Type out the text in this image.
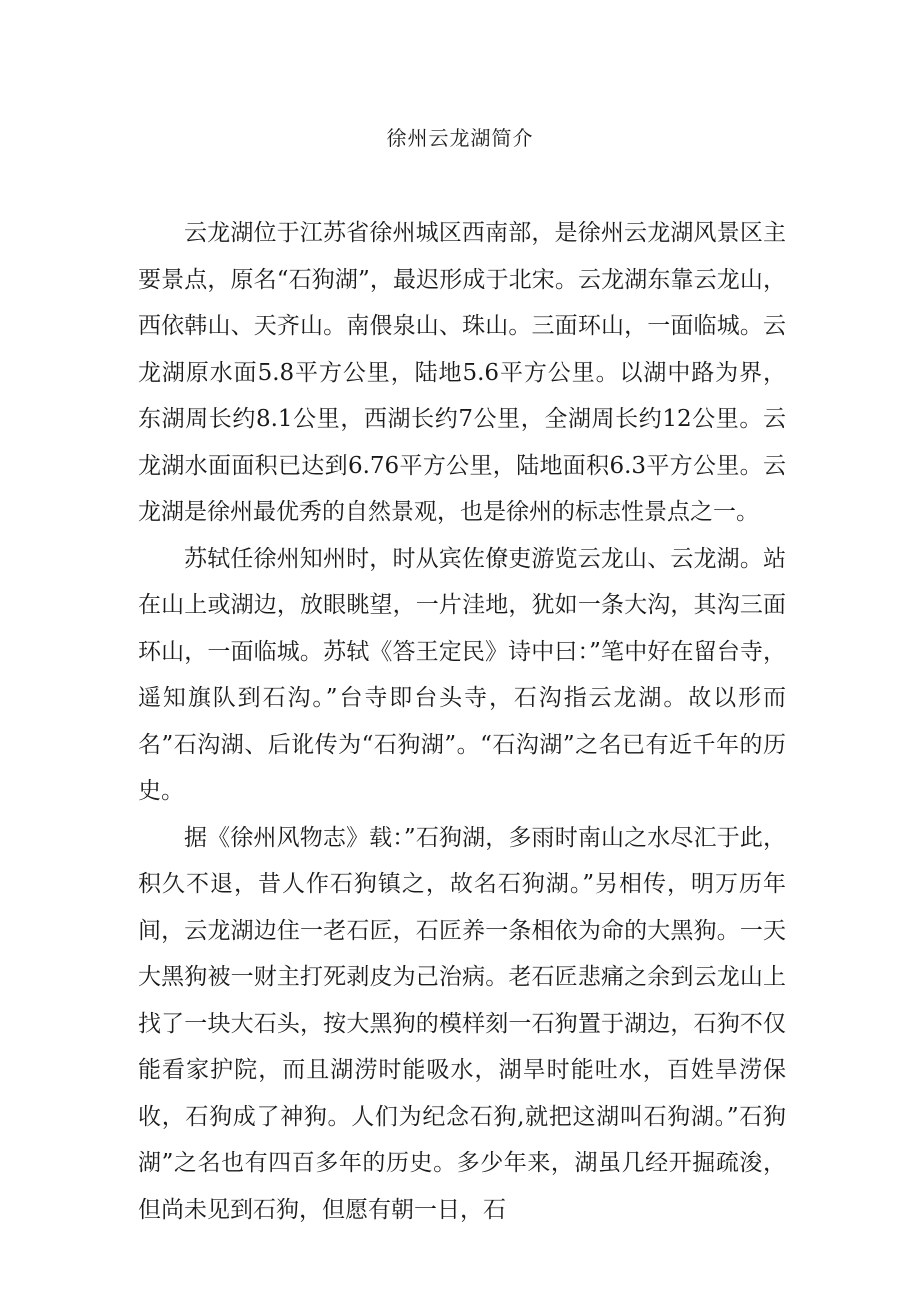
徐州云龙湖简介

云龙湖位于江苏省徐州城区西南部，是徐州云龙湖风景区主要景点，原名“石狗湖”，最迟形成于北宋。云龙湖东靠云龙山，西依韩山、天齐山。南偎泉山、珠山。三面环山，一面临城。云龙湖原水面5.8平方公里，陆地5.6平方公里。以湖中路为界，东湖周长约8.1公里，西湖长约7公里，全湖周长约12公里。云龙湖水面面积已达到6.76平方公里，陆地面积6.3平方公里。云龙湖是徐州最优秀的自然景观，也是徐州的标志性景点之一。

苏轼任徐州知州时，时从宾佐僚吏游览云龙山、云龙湖。站在山上或湖边，放眼眺望，一片洼地，犹如一条大沟，其沟三面环山，一面临城。苏轼《答王定民》诗中曰：”笔中好在留台寺，遥知旗队到石沟。”台寺即台头寺，石沟指云龙湖。故以形而名”石沟湖、后讹传为“石狗湖”。“石沟湖”之名已有近千年的历史。

据《徐州风物志》载：”石狗湖，多雨时南山之水尽汇于此，积久不退，昔人作石狗镇之，故名石狗湖。”另相传，明万历年间，云龙湖边住一老石匠，石匠养一条相依为命的大黑狗。一天大黑狗被一财主打死剥皮为己治病。老石匠悲痛之余到云龙山上找了一块大石头，按大黑狗的模样刻一石狗置于湖边，石狗不仅能看家护院，而且湖涝时能吸水，湖旱时能吐水，百姓旱涝保收，石狗成了神狗。人们为纪念石狗,就把这湖叫石狗湖。”石狗湖”之名也有四百多年的历史。多少年来，湖虽几经开掘疏浚，但尚未见到石狗，但愿有朝一日，石
